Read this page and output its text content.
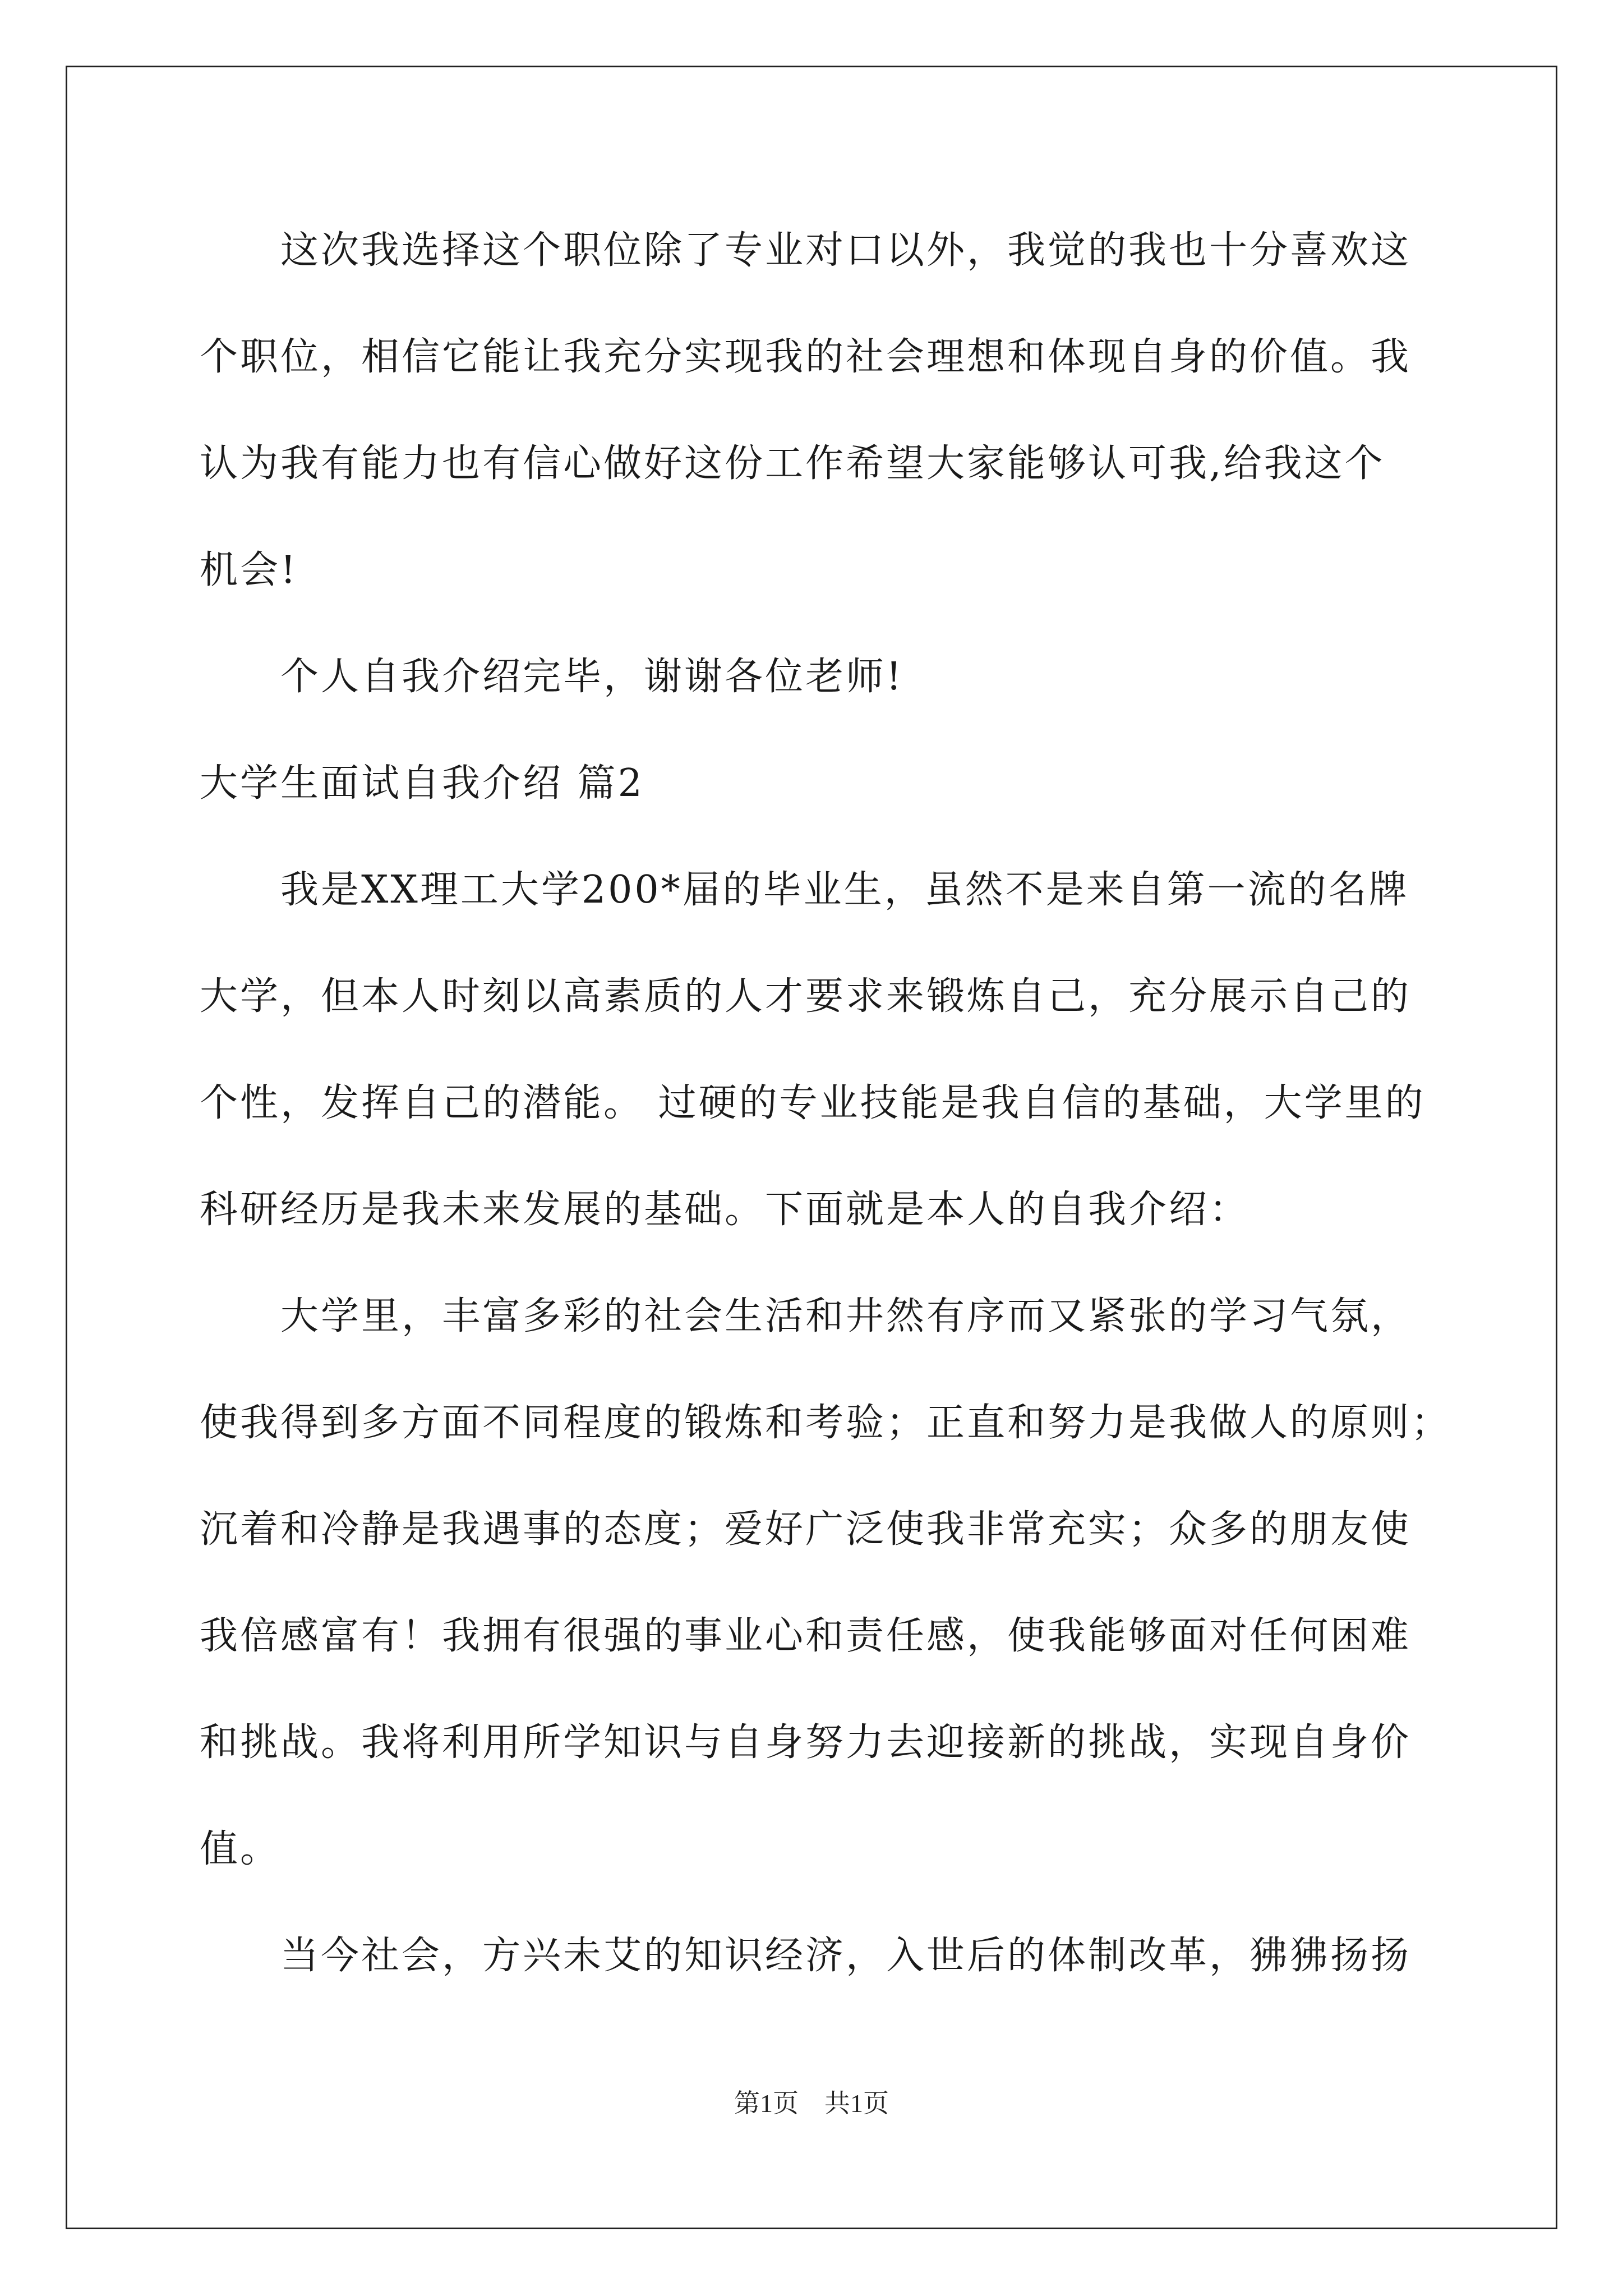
这次我选择这个职位除了专业对口以外，我觉的我也十分喜欢这
个职位，相信它能让我充分实现我的社会理想和体现自身的价值。我
认为我有能力也有信心做好这份工作希望大家能够认可我,给我这个
机会!
个人自我介绍完毕，谢谢各位老师!
大学生面试自我介绍 篇2
我是XX理工大学200*届的毕业生，虽然不是来自第一流的名牌
大学，但本人时刻以高素质的人才要求来锻炼自己，充分展示自己的
个性，发挥自己的潜能。 过硬的专业技能是我自信的基础，大学里的
科研经历是我未来发展的基础。下面就是本人的自我介绍：
大学里，丰富多彩的社会生活和井然有序而又紧张的学习气氛，
使我得到多方面不同程度的锻炼和考验；正直和努力是我做人的原则；
沉着和冷静是我遇事的态度；爱好广泛使我非常充实；众多的朋友使
我倍感富有！我拥有很强的事业心和责任感，使我能够面对任何困难
和挑战。我将利用所学知识与自身努力去迎接新的挑战，实现自身价
值。
当今社会，方兴未艾的知识经济，入世后的体制改革，狒狒扬扬
第1页　共1页
